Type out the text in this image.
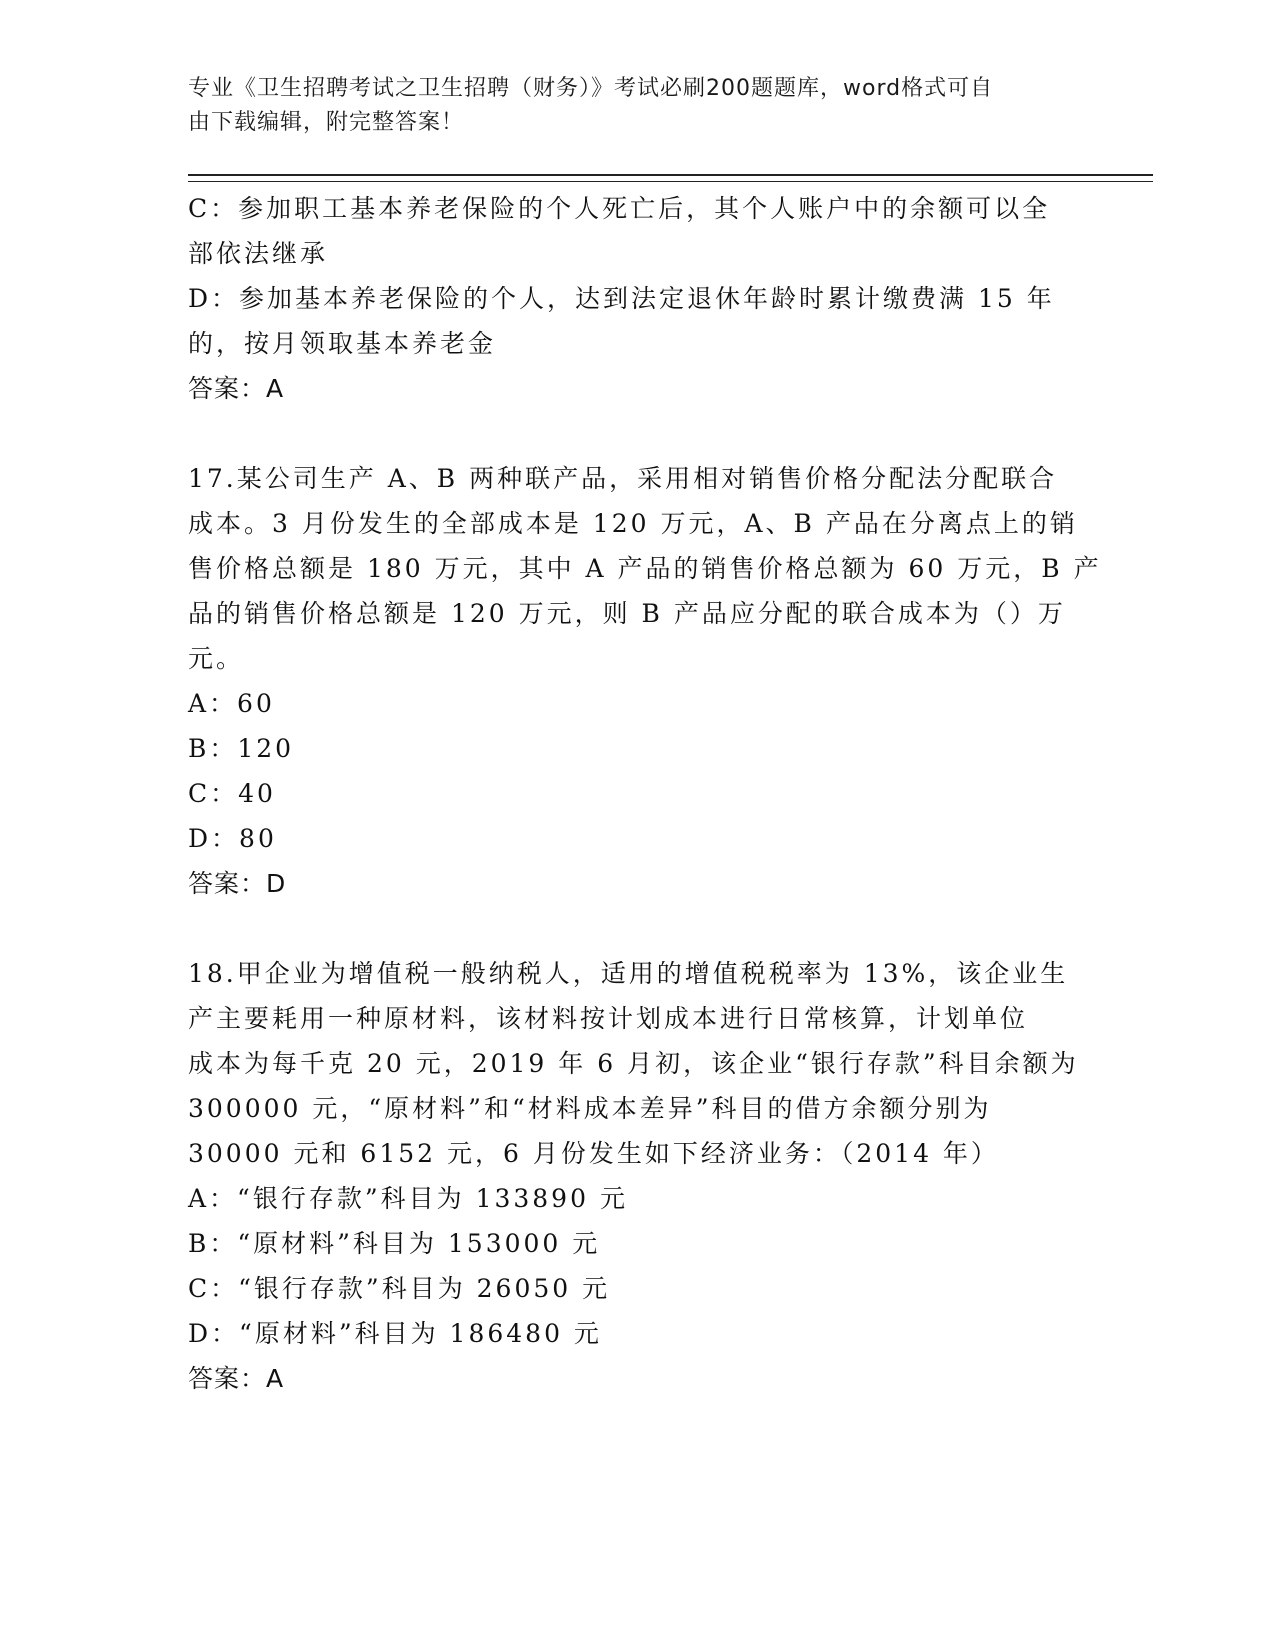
专业《卫生招聘考试之卫生招聘（财务）》考试必刷200题题库，word格式可自
由下载编辑，附完整答案！
C：参加职工基本养老保险的个人死亡后，其个人账户中的余额可以全
部依法继承
D：参加基本养老保险的个人，达到法定退休年龄时累计缴费满 15 年
的，按月领取基本养老金
答案：A
17.某公司生产 A、B 两种联产品，采用相对销售价格分配法分配联合
成本。3 月份发生的全部成本是 120 万元，A、B 产品在分离点上的销
售价格总额是 180 万元，其中 A 产品的销售价格总额为 60 万元，B 产
品的销售价格总额是 120 万元，则 B 产品应分配的联合成本为（）万
元。
A：60
B：120
C：40
D：80
答案：D
18.甲企业为增值税一般纳税人，适用的增值税税率为 13%，该企业生
产主要耗用一种原材料，该材料按计划成本进行日常核算，计划单位
成本为每千克 20 元，2019 年 6 月初，该企业“银行存款”科目余额为
300000 元，“原材料”和“材料成本差异”科目的借方余额分别为
30000 元和 6152 元，6 月份发生如下经济业务：（2014 年）
A：“银行存款”科目为 133890 元
B：“原材料”科目为 153000 元
C：“银行存款”科目为 26050 元
D：“原材料”科目为 186480 元
答案：A
